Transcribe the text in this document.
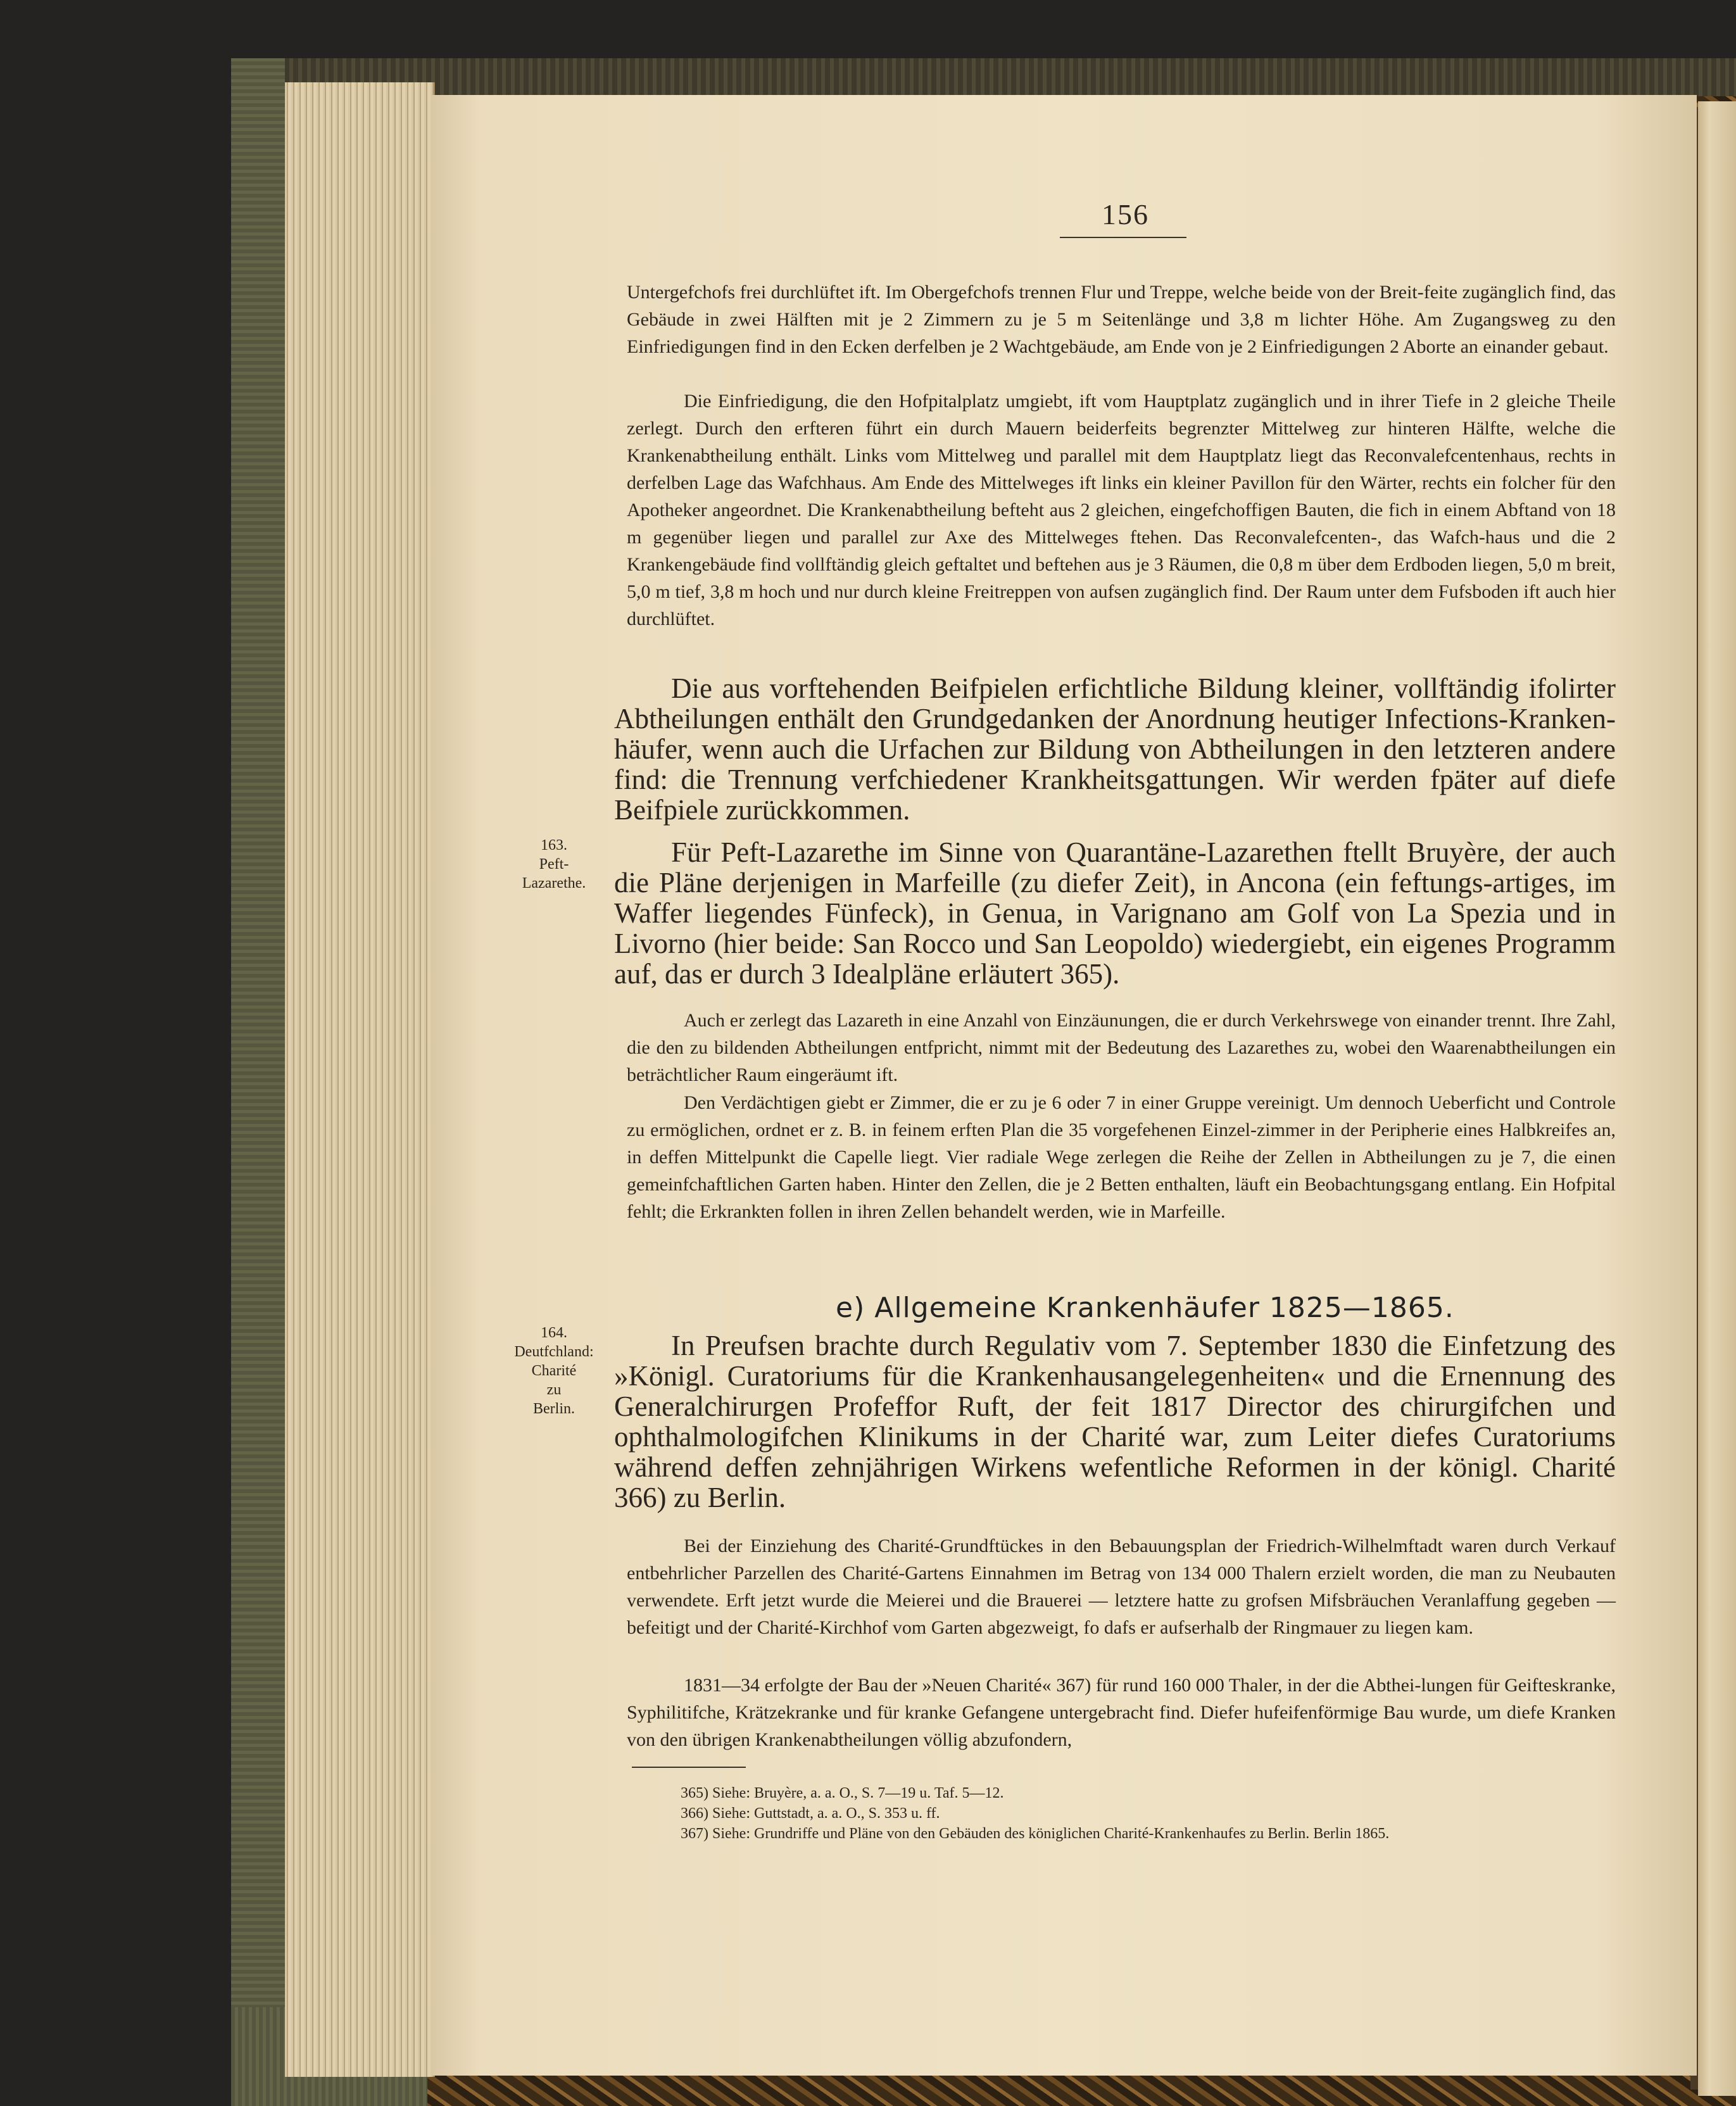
156

Untergefchofs frei durchlüftet ift. Im Obergefchofs trennen Flur und Treppe, welche beide von der Breit-feite zugänglich find, das Gebäude in zwei Hälften mit je 2 Zimmern zu je 5 m Seitenlänge und 3,8 m lichter Höhe. Am Zugangsweg zu den Einfriedigungen find in den Ecken derfelben je 2 Wachtgebäude, am Ende von je 2 Einfriedigungen 2 Aborte an einander gebaut.

Die Einfriedigung, die den Hofpitalplatz umgiebt, ift vom Hauptplatz zugänglich und in ihrer Tiefe in 2 gleiche Theile zerlegt. Durch den erfteren führt ein durch Mauern beiderfeits begrenzter Mittelweg zur hinteren Hälfte, welche die Krankenabtheilung enthält. Links vom Mittelweg und parallel mit dem Hauptplatz liegt das Reconvalefcentenhaus, rechts in derfelben Lage das Wafchhaus. Am Ende des Mittelweges ift links ein kleiner Pavillon für den Wärter, rechts ein folcher für den Apotheker angeordnet. Die Krankenabtheilung befteht aus 2 gleichen, eingefchoffigen Bauten, die fich in einem Abftand von 18 m gegenüber liegen und parallel zur Axe des Mittelweges ftehen. Das Reconvalefcenten-, das Wafch-haus und die 2 Krankengebäude find vollftändig gleich geftaltet und beftehen aus je 3 Räumen, die 0,8 m über dem Erdboden liegen, 5,0 m breit, 5,0 m tief, 3,8 m hoch und nur durch kleine Freitreppen von aufsen zugänglich find. Der Raum unter dem Fufsboden ift auch hier durchlüftet.

Die aus vorftehenden Beifpielen erfichtliche Bildung kleiner, vollftändig ifolirter Abtheilungen enthält den Grundgedanken der Anordnung heutiger Infections-Kranken-häufer, wenn auch die Urfachen zur Bildung von Abtheilungen in den letzteren andere find: die Trennung verfchiedener Krankheitsgattungen. Wir werden fpäter auf diefe Beifpiele zurückkommen.

Für Peft-Lazarethe im Sinne von Quarantäne-Lazarethen ftellt Bruyère, der auch die Pläne derjenigen in Marfeille (zu diefer Zeit), in Ancona (ein feftungs-artiges, im Waffer liegendes Fünfeck), in Genua, in Varignano am Golf von La Spezia und in Livorno (hier beide: San Rocco und San Leopoldo) wiedergiebt, ein eigenes Programm auf, das er durch 3 Idealpläne erläutert 365).

Auch er zerlegt das Lazareth in eine Anzahl von Einzäunungen, die er durch Verkehrswege von einander trennt. Ihre Zahl, die den zu bildenden Abtheilungen entfpricht, nimmt mit der Bedeutung des Lazarethes zu, wobei den Waarenabtheilungen ein beträchtlicher Raum eingeräumt ift.

Den Verdächtigen giebt er Zimmer, die er zu je 6 oder 7 in einer Gruppe vereinigt. Um dennoch Ueberficht und Controle zu ermöglichen, ordnet er z. B. in feinem erften Plan die 35 vorgefehenen Einzel-zimmer in der Peripherie eines Halbkreifes an, in deffen Mittelpunkt die Capelle liegt. Vier radiale Wege zerlegen die Reihe der Zellen in Abtheilungen zu je 7, die einen gemeinfchaftlichen Garten haben. Hinter den Zellen, die je 2 Betten enthalten, läuft ein Beobachtungsgang entlang. Ein Hofpital fehlt; die Erkrankten follen in ihren Zellen behandelt werden, wie in Marfeille.

163.
Peft-
Lazarethe.
e) Allgemeine Krankenhäufer 1825—1865.
164.
Deutfchland:
Charité
zu
Berlin.

In Preufsen brachte durch Regulativ vom 7. September 1830 die Einfetzung des »Königl. Curatoriums für die Krankenhausangelegenheiten« und die Ernennung des Generalchirurgen Profeffor Ruft, der feit 1817 Director des chirurgifchen und ophthalmologifchen Klinikums in der Charité war, zum Leiter diefes Curatoriums während deffen zehnjährigen Wirkens wefentliche Reformen in der königl. Charité 366) zu Berlin.

Bei der Einziehung des Charité-Grundftückes in den Bebauungsplan der Friedrich-Wilhelmftadt waren durch Verkauf entbehrlicher Parzellen des Charité-Gartens Einnahmen im Betrag von 134 000 Thalern erzielt worden, die man zu Neubauten verwendete. Erft jetzt wurde die Meierei und die Brauerei — letztere hatte zu grofsen Mifsbräuchen Veranlaffung gegeben — befeitigt und der Charité-Kirchhof vom Garten abgezweigt, fo dafs er aufserhalb der Ringmauer zu liegen kam.

1831—34 erfolgte der Bau der »Neuen Charité« 367) für rund 160 000 Thaler, in der die Abthei-lungen für Geifteskranke, Syphilitifche, Krätzekranke und für kranke Gefangene untergebracht find. Diefer hufeifenförmige Bau wurde, um diefe Kranken von den übrigen Krankenabtheilungen völlig abzufondern,

365) Siehe: Bruyère, a. a. O., S. 7—19 u. Taf. 5—12.

366) Siehe: Guttstadt, a. a. O., S. 353 u. ff.

367) Siehe: Grundriffe und Pläne von den Gebäuden des königlichen Charité-Krankenhaufes zu Berlin. Berlin 1865.
